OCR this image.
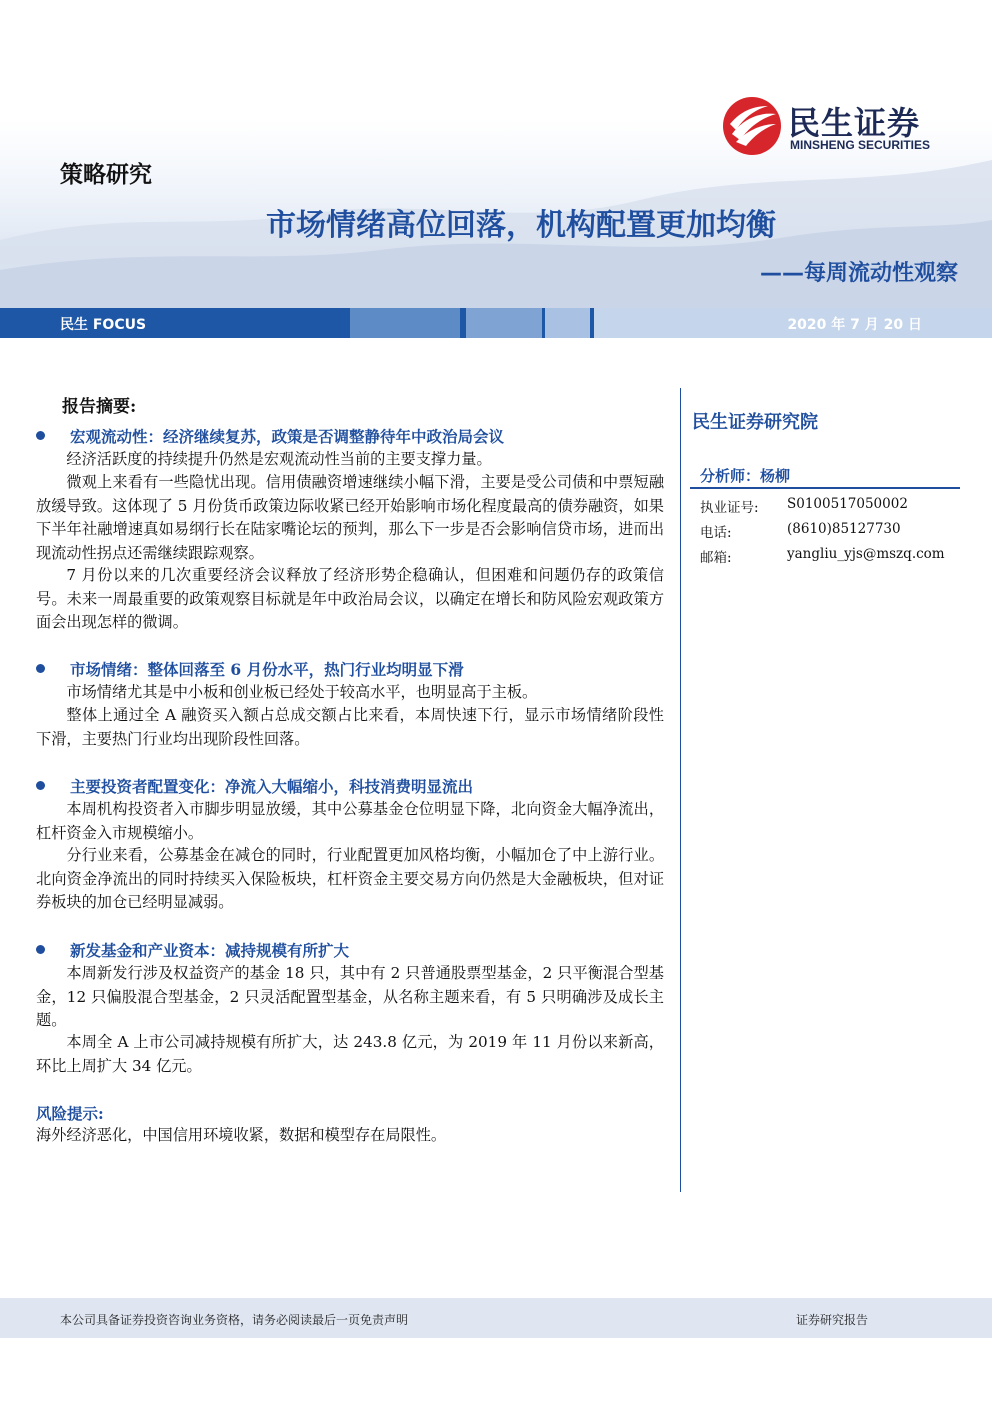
民生证券
MINSHENG SECURITIES
策略研究
市场情绪高位回落，机构配置更加均衡
——每周流动性观察
民生 FOCUS	2020 年 7 月 20 日
报告摘要:
宏观流动性：经济继续复苏，政策是否调整静待年中政治局会议

经济活跃度的持续提升仍然是宏观流动性当前的主要支撑力量。

微观上来看有一些隐忧出现。信用债融资增速继续小幅下滑，主要是受公司债和中票短融放缓导致。这体现了 5 月份货币政策边际收紧已经开始影响市场化程度最高的债券融资，如果下半年社融增速真如易纲行长在陆家嘴论坛的预判，那么下一步是否会影响信贷市场，进而出现流动性拐点还需继续跟踪观察。

7 月份以来的几次重要经济会议释放了经济形势企稳确认，但困难和问题仍存的政策信号。未来一周最重要的政策观察目标就是年中政治局会议，以确定在增长和防风险宏观政策方面会出现怎样的微调。

市场情绪：整体回落至 6 月份水平，热门行业均明显下滑

市场情绪尤其是中小板和创业板已经处于较高水平，也明显高于主板。

整体上通过全 A 融资买入额占总成交额占比来看，本周快速下行，显示市场情绪阶段性下滑，主要热门行业均出现阶段性回落。

主要投资者配置变化：净流入大幅缩小，科技消费明显流出

本周机构投资者入市脚步明显放缓，其中公募基金仓位明显下降，北向资金大幅净流出，杠杆资金入市规模缩小。

分行业来看，公募基金在减仓的同时，行业配置更加风格均衡，小幅加仓了中上游行业。北向资金净流出的同时持续买入保险板块，杠杆资金主要交易方向仍然是大金融板块，但对证券板块的加仓已经明显减弱。

新发基金和产业资本：减持规模有所扩大

本周新发行涉及权益资产的基金 18 只，其中有 2 只普通股票型基金，2 只平衡混合型基金，12 只偏股混合型基金，2 只灵活配置型基金，从名称主题来看，有 5 只明确涉及成长主题。

本周全 A 上市公司减持规模有所扩大，达 243.8 亿元，为 2019 年 11 月份以来新高，环比上周扩大 34 亿元。

风险提示:
海外经济恶化，中国信用环境收紧，数据和模型存在局限性。
民生证券研究院
分析师：杨柳
执业证号: S0100517050002
电话:	(8610)85127730
邮箱:	yangliu_yjs@mszq.com
本公司具备证券投资咨询业务资格，请务必阅读最后一页免责声明	证券研究报告
